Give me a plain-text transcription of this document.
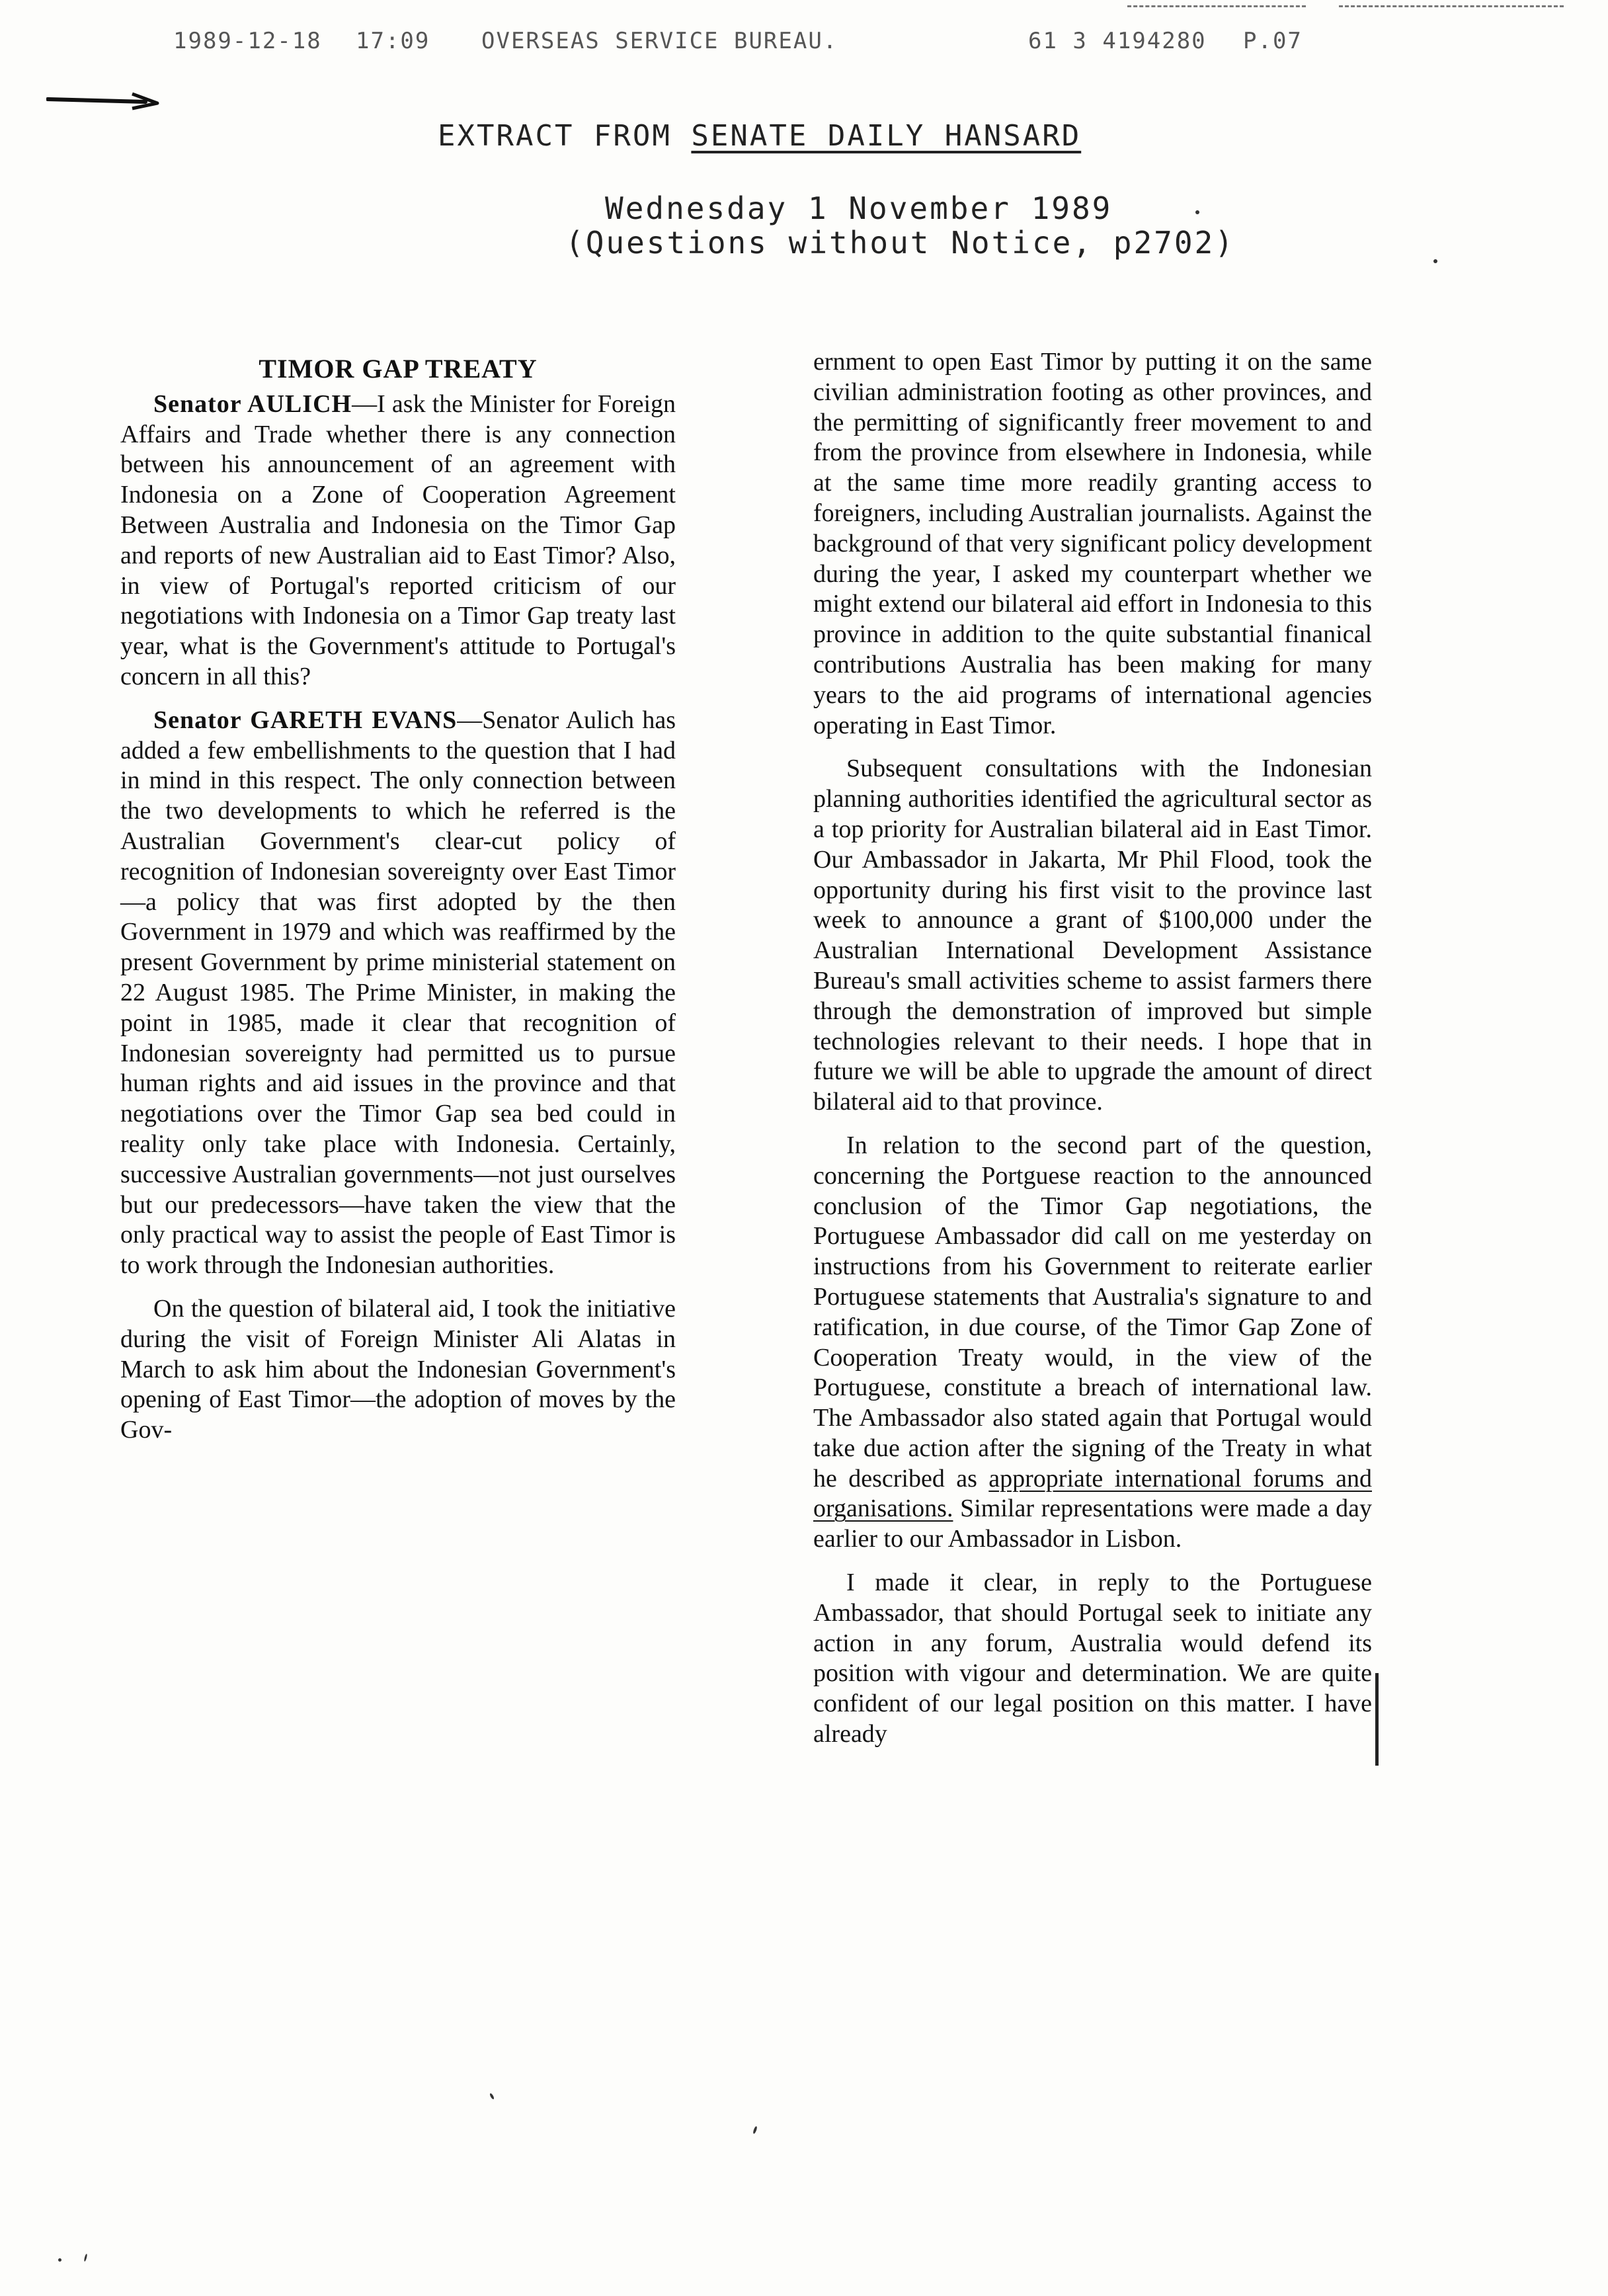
1989-12-18 17:09 OVERSEAS SERVICE BUREAU.	61 3 4194280 P.07
EXTRACT FROM SENATE DAILY HANSARD
Wednesday 1 November 1989
(Questions without Notice, p2702)

TIMOR GAP TREATY

Senator AULICH—I ask the Minister for Foreign Affairs and Trade whether there is any connection between his announcement of an agreement with Indonesia on a Zone of Cooperation Agreement Between Australia and Indonesia on the Timor Gap and reports of new Australian aid to East Timor? Also, in view of Portugal's reported criticism of our negotiations with Indonesia on a Timor Gap treaty last year, what is the Government's attitude to Portugal's concern in all this?

Senator GARETH EVANS—Senator Aulich has added a few embellishments to the question that I had in mind in this respect. The only connection between the two developments to which he referred is the Australian Government's clear-cut policy of recognition of Indonesian sovereignty over East Timor—a policy that was first adopted by the then Government in 1979 and which was reaffirmed by the present Government by prime ministerial statement on 22 August 1985. The Prime Minister, in making the point in 1985, made it clear that recognition of Indonesian sovereignty had permitted us to pursue human rights and aid issues in the province and that negotiations over the Timor Gap sea bed could in reality only take place with Indonesia. Certainly, successive Australian governments—not just ourselves but our predecessors—have taken the view that the only practical way to assist the people of East Timor is to work through the Indonesian authorities.

On the question of bilateral aid, I took the initiative during the visit of Foreign Minister Ali Alatas in March to ask him about the Indonesian Government's opening of East Timor—the adoption of moves by the Gov-

ernment to open East Timor by putting it on the same civilian administration footing as other provinces, and the permitting of significantly freer movement to and from the province from elsewhere in Indonesia, while at the same time more readily granting access to foreigners, including Australian journalists. Against the background of that very significant policy development during the year, I asked my counterpart whether we might extend our bilateral aid effort in Indonesia to this province in addition to the quite substantial finanical contributions Australia has been making for many years to the aid programs of international agencies operating in East Timor.

Subsequent consultations with the Indonesian planning authorities identified the agricultural sector as a top priority for Australian bilateral aid in East Timor. Our Ambassador in Jakarta, Mr Phil Flood, took the opportunity during his first visit to the province last week to announce a grant of $100,000 under the Australian International Development Assistance Bureau's small activities scheme to assist farmers there through the demonstration of improved but simple technologies relevant to their needs. I hope that in future we will be able to upgrade the amount of direct bilateral aid to that province.

In relation to the second part of the question, concerning the Portguese reaction to the announced conclusion of the Timor Gap negotiations, the Portuguese Ambassador did call on me yesterday on instructions from his Government to reiterate earlier Portuguese statements that Australia's signature to and ratification, in due course, of the Timor Gap Zone of Cooperation Treaty would, in the view of the Portuguese, constitute a breach of international law. The Ambassador also stated again that Portugal would take due action after the signing of the Treaty in what he described as appropriate international forums and organisations. Similar representations were made a day earlier to our Ambassador in Lisbon.

I made it clear, in reply to the Portuguese Ambassador, that should Portugal seek to initiate any action in any forum, Australia would defend its position with vigour and determination. We are quite confident of our legal position on this matter. I have already
